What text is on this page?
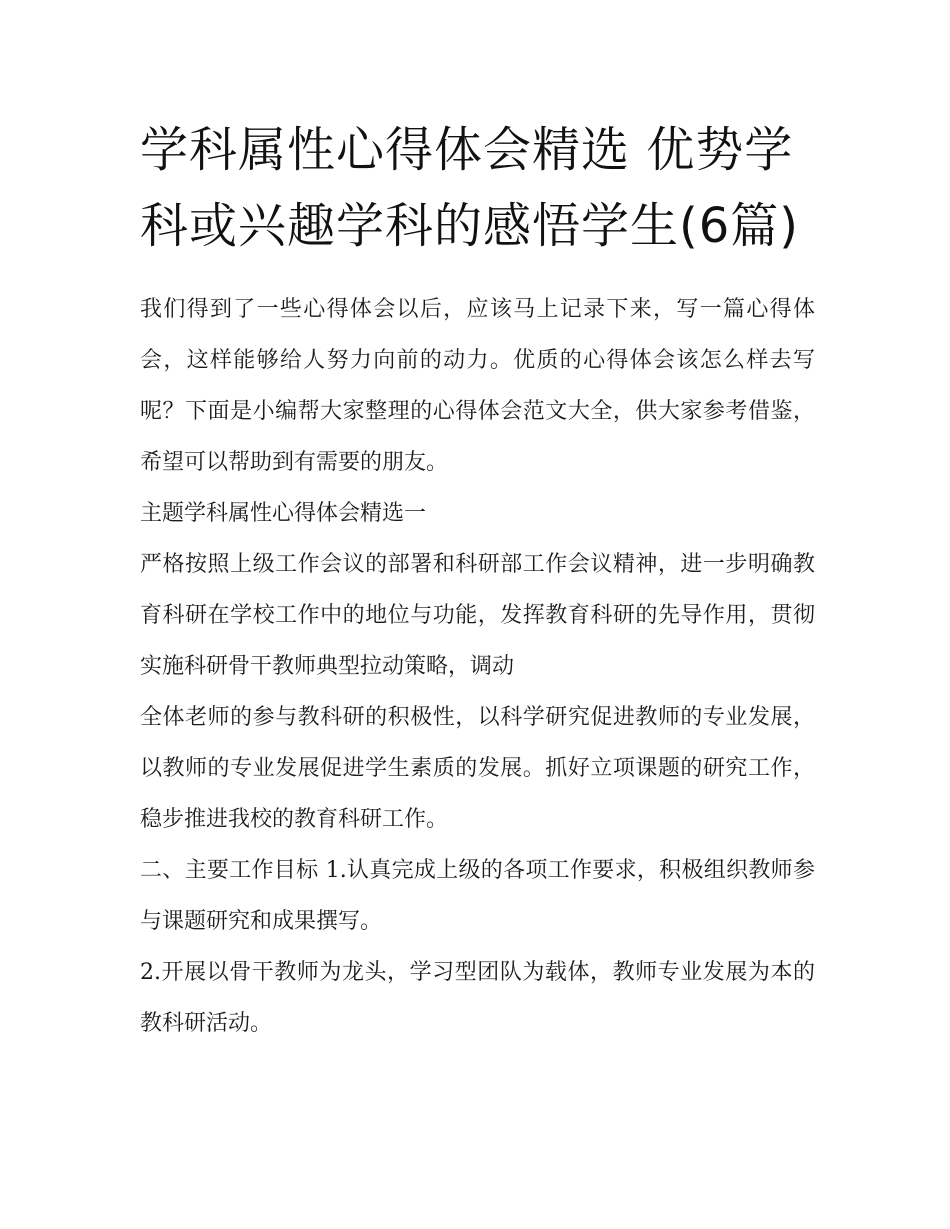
学科属性心得体会精选 优势学科或兴趣学科的感悟学生(6篇)

我们得到了一些心得体会以后，应该马上记录下来，写一篇心得体会，这样能够给人努力向前的动力。优质的心得体会该怎么样去写呢？下面是小编帮大家整理的心得体会范文大全，供大家参考借鉴，希望可以帮助到有需要的朋友。

主题学科属性心得体会精选一

严格按照上级工作会议的部署和科研部工作会议精神，进一步明确教育科研在学校工作中的地位与功能，发挥教育科研的先导作用，贯彻实施科研骨干教师典型拉动策略，调动

全体老师的参与教科研的积极性，以科学研究促进教师的专业发展，以教师的专业发展促进学生素质的发展。抓好立项课题的研究工作，稳步推进我校的教育科研工作。

二、主要工作目标 1.认真完成上级的各项工作要求，积极组织教师参与课题研究和成果撰写。

2.开展以骨干教师为龙头，学习型团队为载体，教师专业发展为本的教科研活动。
